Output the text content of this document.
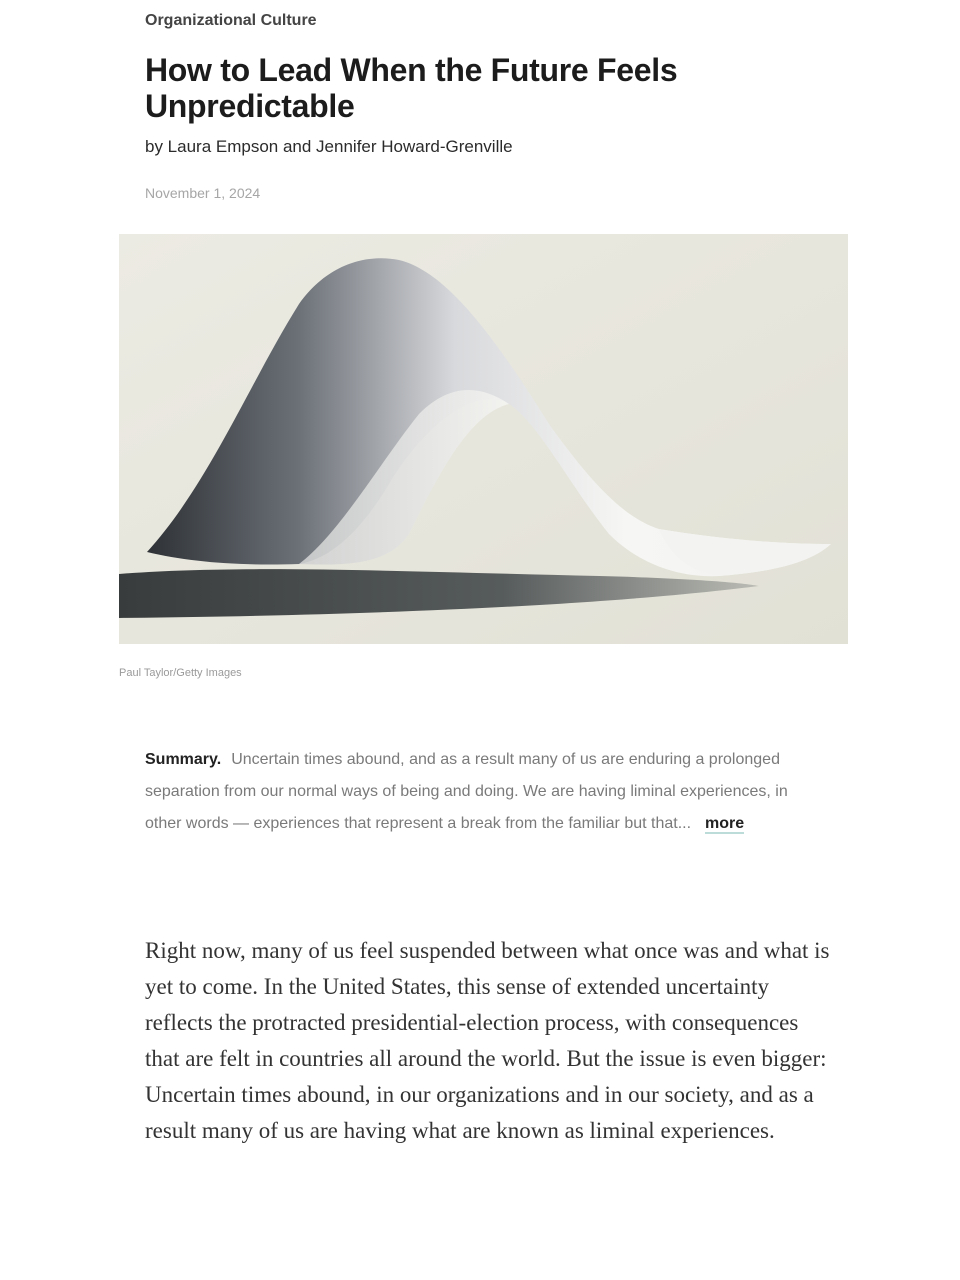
Organizational Culture
How to Lead When the Future Feels Unpredictable
by Laura Empson and Jennifer Howard-Grenville
November 1, 2024
Paul Taylor/Getty Images
Summary. Uncertain times abound, and as a result many of us are enduring a prolonged separation from our normal ways of being and doing. We are having liminal experiences, in other words — experiences that represent a break from the familiar but that... more

Right now, many of us feel suspended between what once was and what is yet to come. In the United States, this sense of extended uncertainty reflects the protracted presidential-election process, with consequences that are felt in countries all around the world. But the issue is even bigger: Uncertain times abound, in our organizations and in our society, and as a result many of us are having what are known as liminal experiences.
